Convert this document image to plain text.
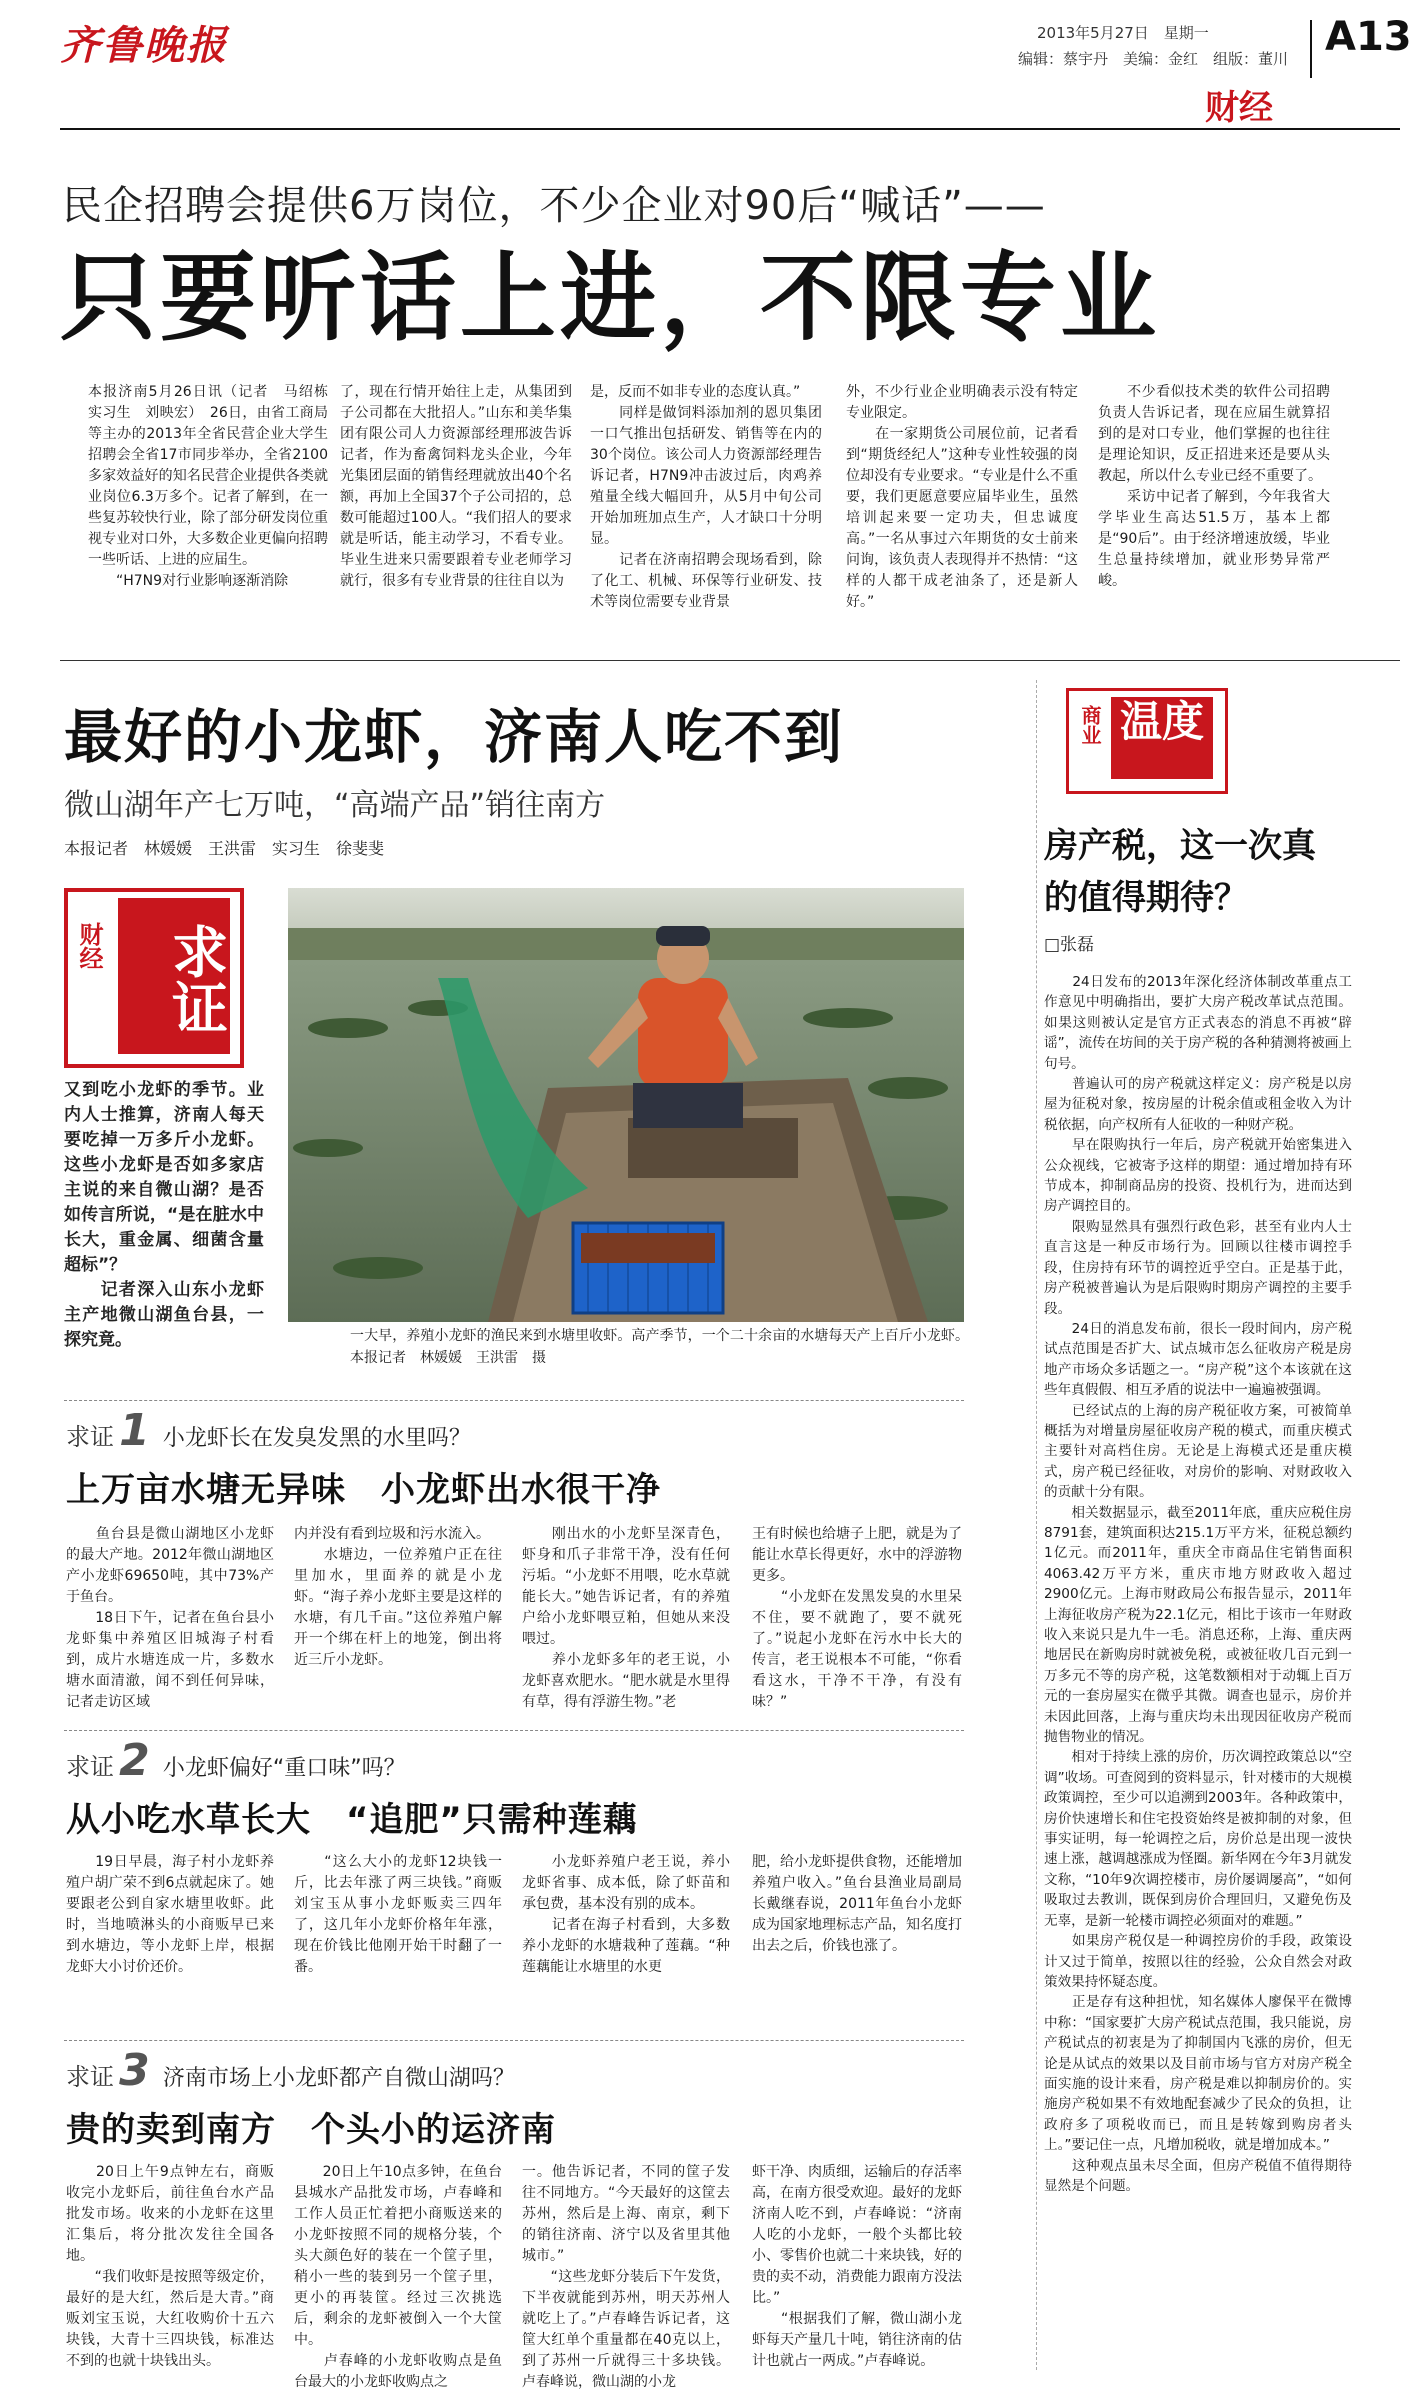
齐鲁晚报	2013年5月27日　星期一
编辑：蔡宇丹　美编：金红　组版：董川 A13
财经
民企招聘会提供6万岗位，不少企业对90后“喊话”——
只要听话上进，不限专业
本报济南5月26日讯（记者　马绍栋　实习生　刘映宏）　26日，由省工商局等主办的2013年全省民营企业大学生招聘会全省17市同步举办，全省2100多家效益好的知名民营企业提供各类就业岗位6.3万多个。记者了解到，在一些复苏较快行业，除了部分研发岗位重视专业对口外，大多数企业更偏向招聘一些听话、上进的应届生。
　　“H7N9对行业影响逐渐消除
了，现在行情开始往上走，从集团到子公司都在大批招人。”山东和美华集团有限公司人力资源部经理邢波告诉记者，作为畜禽饲料龙头企业，今年光集团层面的销售经理就放出40个名额，再加上全国37个子公司招的，总数可能超过100人。“我们招人的要求就是听话，能主动学习，不看专业。毕业生进来只需要跟着专业老师学习就行，很多有专业背景的往往自以为
是，反而不如非专业的态度认真。”
　　同样是做饲料添加剂的恩贝集团一口气推出包括研发、销售等在内的30个岗位。该公司人力资源部经理告诉记者，H7N9冲击波过后，肉鸡养殖量全线大幅回升，从5月中旬公司开始加班加点生产，人才缺口十分明显。
　　记者在济南招聘会现场看到，除了化工、机械、环保等行业研发、技术等岗位需要专业背景
外，不少行业企业明确表示没有特定专业限定。
　　在一家期货公司展位前，记者看到“期货经纪人”这种专业性较强的岗位却没有专业要求。“专业是什么不重要，我们更愿意要应届毕业生，虽然培训起来要一定功夫，但忠诚度高。”一名从事过六年期货的女士前来问询，该负责人表现得并不热情：“这样的人都干成老油条了，还是新人好。”
　　不少看似技术类的软件公司招聘负责人告诉记者，现在应届生就算招到的是对口专业，他们掌握的也往往是理论知识，反正招进来还是要从头教起，所以什么专业已经不重要了。
　　采访中记者了解到，今年我省大学毕业生高达51.5万，基本上都是“90后”。由于经济增速放缓，毕业生总量持续增加，就业形势异常严峻。
最好的小龙虾，济南人吃不到
微山湖年产七万吨，“高端产品”销往南方
本报记者　林媛媛　王洪雷　实习生　徐斐斐
财经	求证
又到吃小龙虾的季节。业内人士推算，济南人每天要吃掉一万多斤小龙虾。这些小龙虾是否如多家店主说的来自微山湖？是否如传言所说，“是在脏水中长大，重金属、细菌含量超标”？
　　记者深入山东小龙虾主产地微山湖鱼台县，一探究竟。	一大早，养殖小龙虾的渔民来到水塘里收虾。高产季节，一个二十余亩的水塘每天产上百斤小龙虾。　　本报记者　林媛媛　王洪雷　摄
求证 1 小龙虾长在发臭发黑的水里吗？
上万亩水塘无异味　小龙虾出水很干净
　　鱼台县是微山湖地区小龙虾的最大产地。2012年微山湖地区产小龙虾69650吨，其中73%产于鱼台。
　　18日下午，记者在鱼台县小龙虾集中养殖区旧城海子村看到，成片水塘连成一片，多数水塘水面清澈，闻不到任何异味，记者走访区域
内并没有看到垃圾和污水流入。
　　水塘边，一位养殖户正在往里加水，里面养的就是小龙虾。“海子养小龙虾主要是这样的水塘，有几千亩。”这位养殖户解开一个绑在杆上的地笼，倒出将近三斤小龙虾。
　　刚出水的小龙虾呈深青色，虾身和爪子非常干净，没有任何污垢。“小龙虾不用喂，吃水草就能长大。”她告诉记者，有的养殖户给小龙虾喂豆粕，但她从来没喂过。
　　养小龙虾多年的老王说，小龙虾喜欢肥水。“肥水就是水里得有草，得有浮游生物。”老
王有时候也给塘子上肥，就是为了能让水草长得更好，水中的浮游物更多。
　　“小龙虾在发黑发臭的水里呆不住，要不就跑了，要不就死了。”说起小龙虾在污水中长大的传言，老王说根本不可能，“你看看这水，干净不干净，有没有味？”
求证 2 小龙虾偏好“重口味”吗？
从小吃水草长大　“追肥”只需种莲藕
　　19日早晨，海子村小龙虾养殖户胡广荣不到6点就起床了。她要跟老公到自家水塘里收虾。此时，当地喷淋头的小商贩早已来到水塘边，等小龙虾上岸，根据龙虾大小讨价还价。
　　“这么大小的龙虾12块钱一斤，比去年涨了两三块钱。”商贩刘宝玉从事小龙虾贩卖三四年了，这几年小龙虾价格年年涨，现在价钱比他刚开始干时翻了一番。
　　小龙虾养殖户老王说，养小龙虾省事、成本低，除了虾苗和承包费，基本没有别的成本。
　　记者在海子村看到，大多数养小龙虾的水塘栽种了莲藕。“种莲藕能让水塘里的水更
肥，给小龙虾提供食物，还能增加养殖户收入。”鱼台县渔业局副局长戴继春说，2011年鱼台小龙虾成为国家地理标志产品，知名度打出去之后，价钱也涨了。
求证 3 济南市场上小龙虾都产自微山湖吗？
贵的卖到南方　个头小的运济南
　　20日上午9点钟左右，商贩收完小龙虾后，前往鱼台水产品批发市场。收来的小龙虾在这里汇集后，将分批次发往全国各地。
　　“我们收虾是按照等级定价，最好的是大红，然后是大青。”商贩刘宝玉说，大红收购价十五六块钱，大青十三四块钱，标准达不到的也就十块钱出头。
　　20日上午10点多钟，在鱼台县城水产品批发市场，卢春峰和工作人员正忙着把小商贩送来的小龙虾按照不同的规格分装，个头大颜色好的装在一个筐子里，稍小一些的装到另一个筐子里，更小的再装筐。经过三次挑选后，剩余的龙虾被倒入一个大筐中。
　　卢春峰的小龙虾收购点是鱼台最大的小龙虾收购点之
一。他告诉记者，不同的筐子发往不同地方。“今天最好的这筐去苏州，然后是上海、南京，剩下的销往济南、济宁以及省里其他城市。”
　　“这些龙虾分装后下午发货，下半夜就能到苏州，明天苏州人就吃上了。”卢春峰告诉记者，这筐大红单个重量都在40克以上，到了苏州一斤就得三十多块钱。卢春峰说，微山湖的小龙
虾干净、肉质细，运输后的存活率高，在南方很受欢迎。最好的龙虾济南人吃不到，卢春峰说：“济南人吃的小龙虾，一般个头都比较小、零售价也就二十来块钱，好的贵的卖不动，消费能力跟南方没法比。”
　　“根据我们了解，微山湖小龙虾每天产量几十吨，销往济南的估计也就占一两成。”卢春峰说。
商业 温度
房产税，这一次真的值得期待？
□张磊
　　24日发布的2013年深化经济体制改革重点工作意见中明确指出，要扩大房产税改革试点范围。如果这则被认定是官方正式表态的消息不再被“辟谣”，流传在坊间的关于房产税的各种猜测将被画上句号。
　　普遍认可的房产税就这样定义：房产税是以房屋为征税对象，按房屋的计税余值或租金收入为计税依据，向产权所有人征收的一种财产税。
　　早在限购执行一年后，房产税就开始密集进入公众视线，它被寄予这样的期望：通过增加持有环节成本，抑制商品房的投资、投机行为，进而达到房产调控目的。
　　限购显然具有强烈行政色彩，甚至有业内人士直言这是一种反市场行为。回顾以往楼市调控手段，住房持有环节的调控近乎空白。正是基于此，房产税被普遍认为是后限购时期房产调控的主要手段。
　　24日的消息发布前，很长一段时间内，房产税试点范围是否扩大、试点城市怎么征收房产税是房地产市场众多话题之一。“房产税”这个本该就在这些年真假假、相互矛盾的说法中一遍遍被强调。
　　已经试点的上海的房产税征收方案，可被简单概括为对增量房屋征收房产税的模式，而重庆模式主要针对高档住房。无论是上海模式还是重庆模式，房产税已经征收，对房价的影响、对财政收入的贡献十分有限。
　　相关数据显示，截至2011年底，重庆应税住房8791套，建筑面积达215.1万平方米，征税总额约1亿元。而2011年，重庆全市商品住宅销售面积4063.42万平方米，重庆市地方财政收入超过2900亿元。上海市财政局公布报告显示，2011年上海征收房产税为22.1亿元，相比于该市一年财政收入来说只是九牛一毛。消息还称，上海、重庆两地居民在新购房时就被免税，或被征收几百元到一万多元不等的房产税，这笔数额相对于动辄上百万元的一套房屋实在微乎其微。调查也显示，房价并未因此回落，上海与重庆均未出现因征收房产税而抛售物业的情况。
　　相对于持续上涨的房价，历次调控政策总以“空调”收场。可查阅到的资料显示，针对楼市的大规模政策调控，至少可以追溯到2003年。各种政策中，房价快速增长和住宅投资始终是被抑制的对象，但事实证明，每一轮调控之后，房价总是出现一波快速上涨，越调越涨成为怪圈。新华网在今年3月就发文称，“10年9次调控楼市，房价屡调屡高”，“如何吸取过去教训，既保到房价合理回归，又避免伤及无辜，是新一轮楼市调控必须面对的难题。”
　　如果房产税仅是一种调控房价的手段，政策设计又过于简单，按照以往的经验，公众自然会对政策效果持怀疑态度。
　　正是存有这种担忧，知名媒体人廖保平在微博中称：“国家要扩大房产税试点范围，我只能说，房产税试点的初衷是为了抑制国内飞涨的房价，但无论是从试点的效果以及目前市场与官方对房产税全面实施的设计来看，房产税是难以抑制房价的。实施房产税如果不有效地配套减少了民众的负担，让政府多了项税收而已，而且是转嫁到购房者头上。”要记住一点，凡增加税收，就是增加成本。”
　　这种观点虽未尽全面，但房产税值不值得期待显然是个问题。
